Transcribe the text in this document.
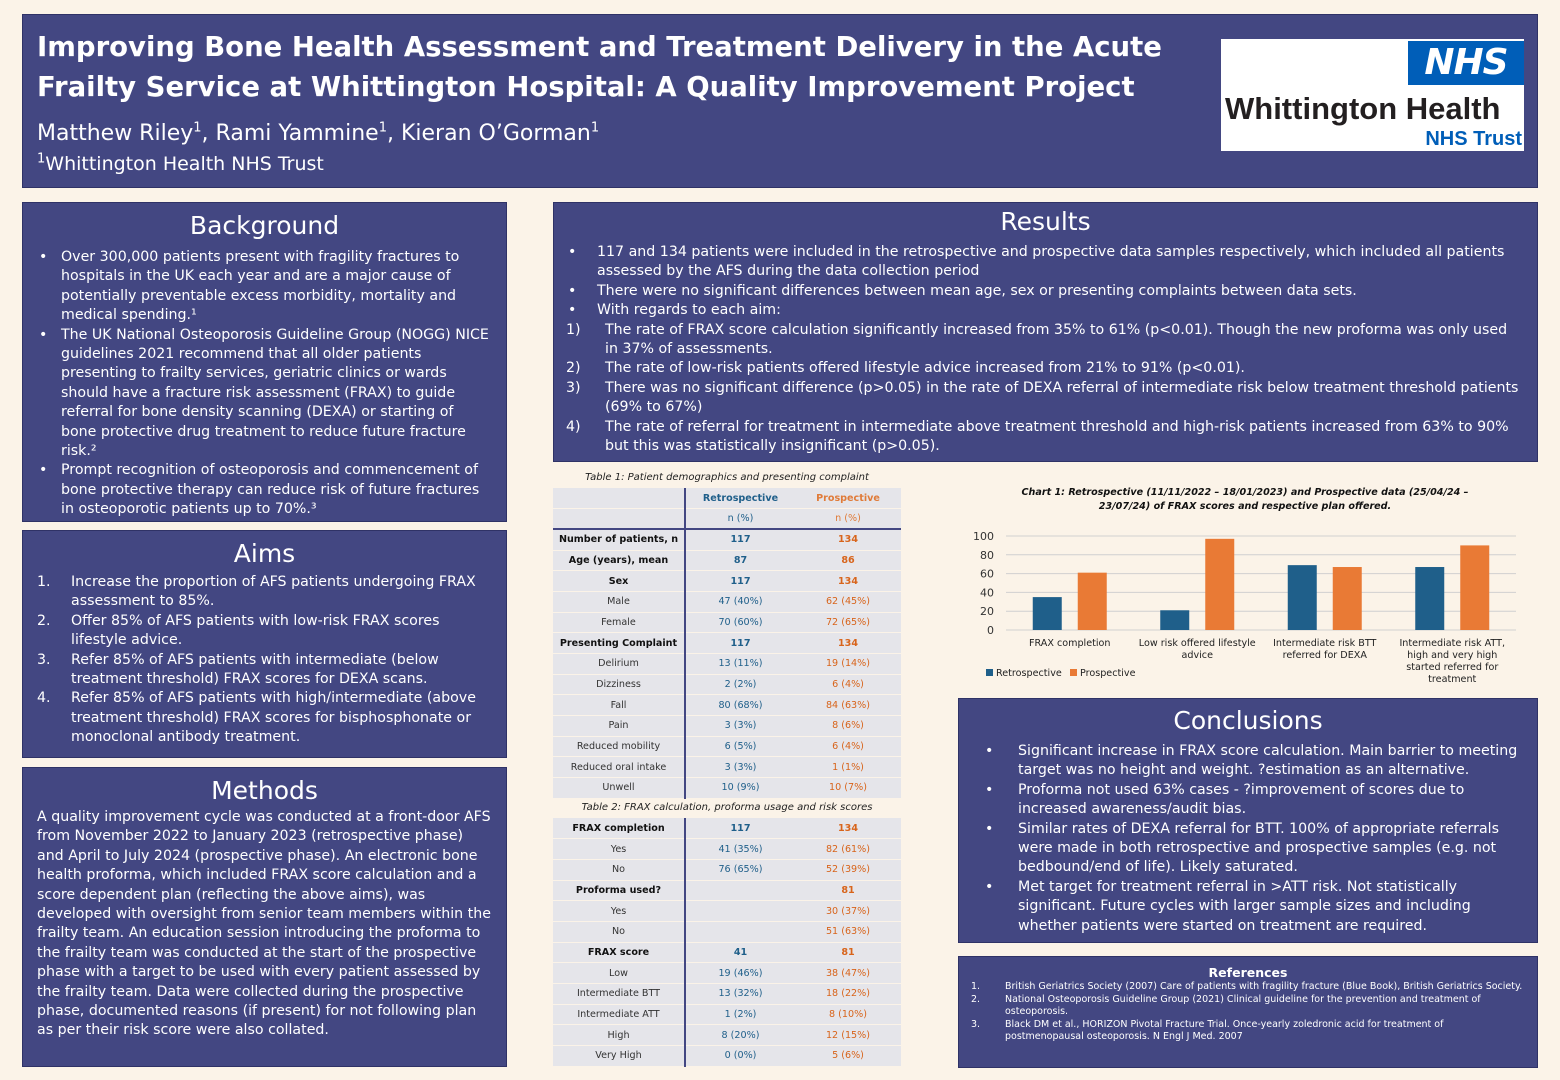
Improving Bone Health Assessment and Treatment Delivery in the Acute Frailty Service at Whittington Hospital: A Quality Improvement Project
Matthew Riley$^1$, Rami Yammine$^1$, Kieran O’Gorman$^1$
$^1$Whittington Health NHS Trust
NHS
Whittington Health
NHS Trust
Background
• Over 300,000 patients present with fragility fractures to hospitals in the UK each year and are a major cause of potentially preventable excess morbidity, mortality and medical spending.¹
• The UK National Osteoporosis Guideline Group (NOGG) NICE guidelines 2021 recommend that all older patients presenting to frailty services, geriatric clinics or wards should have a fracture risk assessment (FRAX) to guide referral for bone density scanning (DEXA) or starting of bone protective drug treatment to reduce future fracture risk.²
• Prompt recognition of osteoporosis and commencement of bone protective therapy can reduce risk of future fractures in osteoporotic patients up to 70%.³
Aims
1. Increase the proportion of AFS patients undergoing FRAX assessment to 85%.
2. Offer 85% of AFS patients with low-risk FRAX scores lifestyle advice.
3. Refer 85% of AFS patients with intermediate (below treatment threshold) FRAX scores for DEXA scans.
4. Refer 85% of AFS patients with high/intermediate (above treatment threshold) FRAX scores for bisphosphonate or monoclonal antibody treatment.
Methods
A quality improvement cycle was conducted at a front-door AFS from November 2022 to January 2023 (retrospective phase) and April to July 2024 (prospective phase). An electronic bone health proforma, which included FRAX score calculation and a score dependent plan (reflecting the above aims), was developed with oversight from senior team members within the frailty team. An education session introducing the proforma to the frailty team was conducted at the start of the prospective phase with a target to be used with every patient assessed by the frailty team. Data were collected during the prospective phase, documented reasons (if present) for not following plan as per their risk score were also collated.
Results
• 117 and 134 patients were included in the retrospective and prospective data samples respectively, which included all patients assessed by the AFS during the data collection period
• There were no significant differences between mean age, sex or presenting complaints between data sets.
• With regards to each aim:
1) The rate of FRAX score calculation significantly increased from 35% to 61% (p<0.01). Though the new proforma was only used in 37% of assessments.
2) The rate of low-risk patients offered lifestyle advice increased from 21% to 91% (p<0.01).
3) There was no significant difference (p>0.05) in the rate of DEXA referral of intermediate risk below treatment threshold patients (69% to 67%)
4) The rate of referral for treatment in intermediate above treatment threshold and high-risk patients increased from 63% to 90% but this was statistically insignificant (p>0.05).
Table 1: Patient demographics and presenting complaint
	Retrospective	Prospective
	n (%)	n (%)
Number of patients, n	117	134
Age (years), mean	87	86
Sex	117	134
Male	47 (40%)	62 (45%)
Female	70 (60%)	72 (65%)
Presenting Complaint	117	134
Delirium	13 (11%)	19 (14%)
Dizziness	2 (2%)	6 (4%)
Fall	80 (68%)	84 (63%)
Pain	3 (3%)	8 (6%)
Reduced mobility	6 (5%)	6 (4%)
Reduced oral intake	3 (3%)	1 (1%)
Unwell	10 (9%)	10 (7%)
Table 2: FRAX calculation, proforma usage and risk scores
FRAX completion	117	134
Yes	41 (35%)	82 (61%)
No	76 (65%)	52 (39%)
Proforma used?		81
Yes		30 (37%)
No		51 (63%)
FRAX score	41	81
Low	19 (46%)	38 (47%)
Intermediate BTT	13 (32%)	18 (22%)
Intermediate ATT	1 (2%)	8 (10%)
High	8 (20%)	12 (15%)
Very High	0 (0%)	5 (6%)
Chart 1: Retrospective (11/11/2022 – 18/01/2023) and Prospective data (25/04/24 – 23/07/24) of FRAX scores and respective plan offered.
0
20
40
60
80
100
FRAX completion	Low risk offered lifestyle
advice
Intermediate risk BTT
referred for DEXA
Intermediate risk ATT,
high and very high
started referred for
treatment
Retrospective Prospective
Conclusions
• Significant increase in FRAX score calculation. Main barrier to meeting target was no height and weight. ?estimation as an alternative.
• Proforma not used 63% cases - ?improvement of scores due to increased awareness/audit bias.
• Similar rates of DEXA referral for BTT. 100% of appropriate referrals were made in both retrospective and prospective samples (e.g. not bedbound/end of life). Likely saturated.
• Met target for treatment referral in >ATT risk. Not statistically significant. Future cycles with larger sample sizes and including whether patients were started on treatment are required.
References
1.	British Geriatrics Society (2007) Care of patients with fragility fracture (Blue Book), British Geriatrics Society.
2.	National Osteoporosis Guideline Group (2021) Clinical guideline for the prevention and treatment of osteoporosis.
3.	Black DM et al., HORIZON Pivotal Fracture Trial. Once-yearly zoledronic acid for treatment of postmenopausal osteoporosis. N Engl J Med. 2007
